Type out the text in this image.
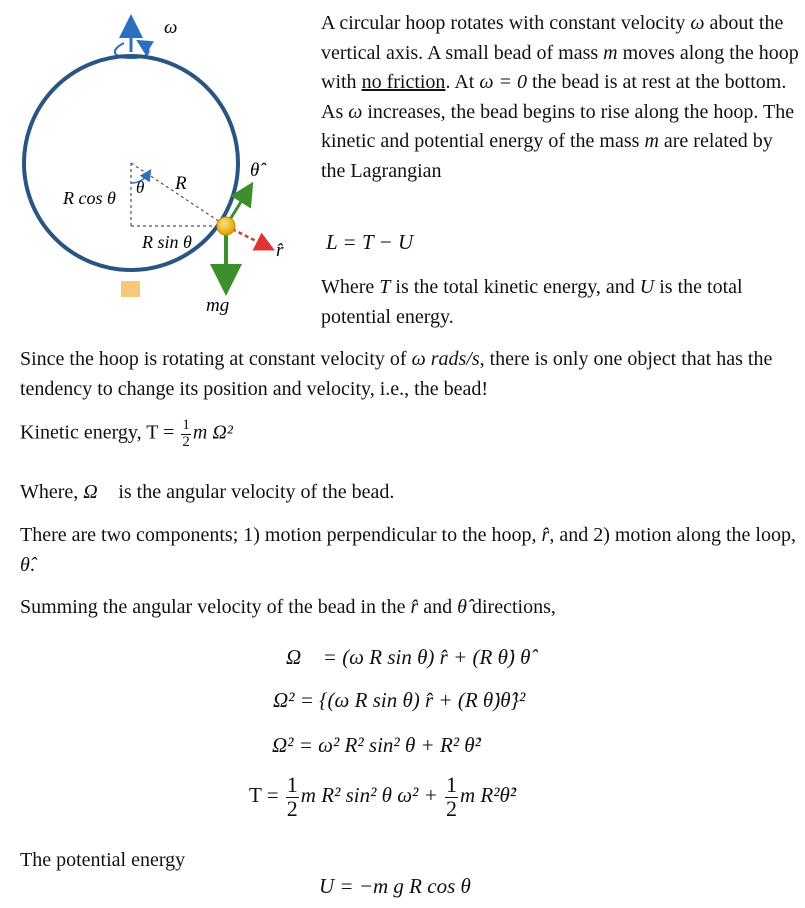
ω
R
θ
R cos θ
R sin θ
θ̂
r̂
mg⃗
A circular hoop rotates with constant velocity ω about the vertical axis. A small bead of mass m moves along the hoop with no friction. At ω = 0 the bead is at rest at the bottom. As ω increases, the bead begins to rise along the hoop. The kinetic and potential energy of the mass m are related by the Lagrangian
L = T − U
Where T is the total kinetic energy, and U is the total potential energy.
Since the hoop is rotating at constant velocity of ω rads/s, there is only one object that has the tendency to change its position and velocity, i.e., the bead!
Kinetic energy, $T = \frac{1}{2}$ m Ω²
Where, Ω⃗ is the angular velocity of the bead.
There are two components; 1) motion perpendicular to the hoop, r̂, and 2) motion along the loop, θ̂.
Summing the angular velocity of the bead in the r̂ and θ̂ directions,
Ω⃗ = (ω R sin θ) r̂ + (R θ̇) θ̂
Ω² = {(ω R sin θ) r̂ + (R θ̇)θ̂}²
Ω² = ω² R² sin² θ + R² θ̇²
$T = \frac{1}{2}$ m R² sin² θ $\omega^2 + \frac{1}{2}$ m R²θ̇²
The potential energy
U = −m g R cos θ
